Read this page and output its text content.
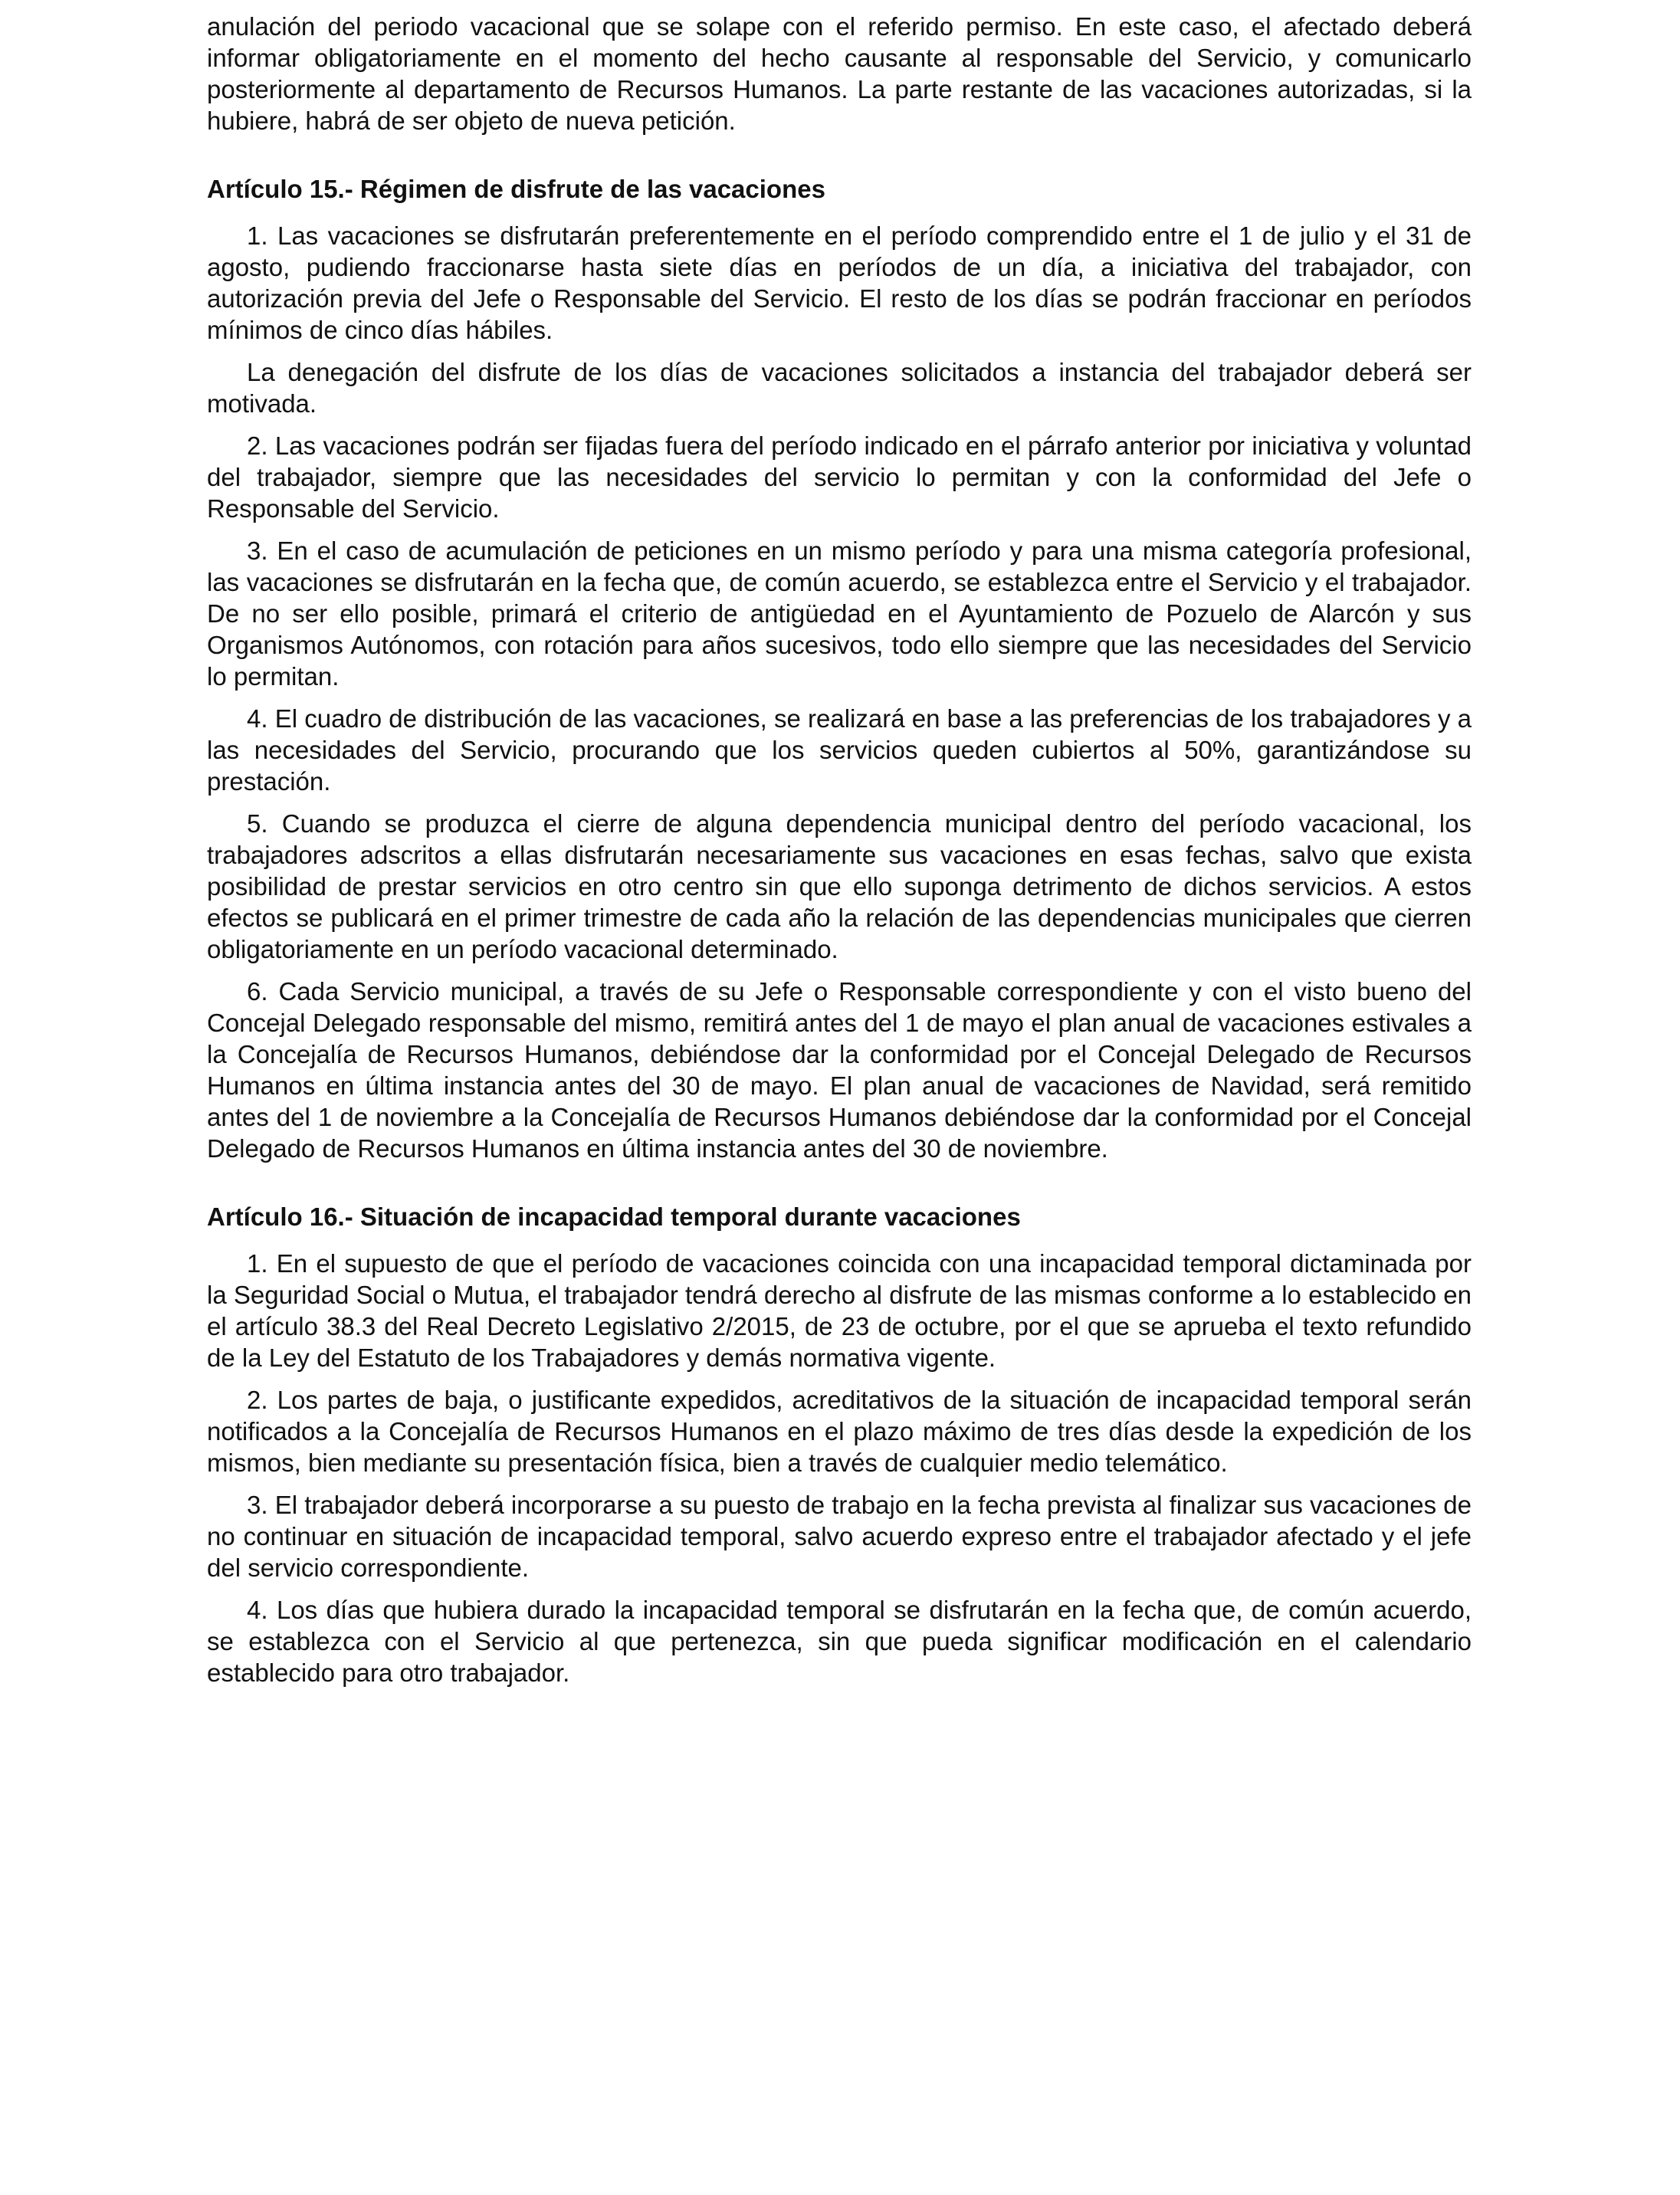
anulación del periodo vacacional que se solape con el referido permiso. En este caso, el afectado deberá informar obligatoriamente en el momento del hecho causante al responsable del Servicio, y comunicarlo posteriormente al departamento de Recursos Humanos. La parte restante de las vacaciones autorizadas, si la hubiere, habrá de ser objeto de nueva petición.

Artículo 15.- Régimen de disfrute de las vacaciones

1. Las vacaciones se disfrutarán preferentemente en el período comprendido entre el 1 de julio y el 31 de agosto, pudiendo fraccionarse hasta siete días en períodos de un día, a iniciativa del trabajador, con autorización previa del Jefe o Responsable del Servicio. El resto de los días se podrán fraccionar en períodos mínimos de cinco días hábiles.

La denegación del disfrute de los días de vacaciones solicitados a instancia del trabajador deberá ser motivada.

2. Las vacaciones podrán ser fijadas fuera del período indicado en el párrafo anterior por iniciativa y voluntad del trabajador, siempre que las necesidades del servicio lo permitan y con la conformidad del Jefe o Responsable del Servicio.

3. En el caso de acumulación de peticiones en un mismo período y para una misma categoría profesional, las vacaciones se disfrutarán en la fecha que, de común acuerdo, se establezca entre el Servicio y el trabajador. De no ser ello posible, primará el criterio de antigüedad en el Ayuntamiento de Pozuelo de Alarcón y sus Organismos Autónomos, con rotación para años sucesivos, todo ello siempre que las necesidades del Servicio lo permitan.

4. El cuadro de distribución de las vacaciones, se realizará en base a las preferencias de los trabajadores y a las necesidades del Servicio, procurando que los servicios queden cubiertos al 50%, garantizándose su prestación.

5. Cuando se produzca el cierre de alguna dependencia municipal dentro del período vacacional, los trabajadores adscritos a ellas disfrutarán necesariamente sus vacaciones en esas fechas, salvo que exista posibilidad de prestar servicios en otro centro sin que ello suponga detrimento de dichos servicios. A estos efectos se publicará en el primer trimestre de cada año la relación de las dependencias municipales que cierren obligatoriamente en un período vacacional determinado.

6. Cada Servicio municipal, a través de su Jefe o Responsable correspondiente y con el visto bueno del Concejal Delegado responsable del mismo, remitirá antes del 1 de mayo el plan anual de vacaciones estivales a la Concejalía de Recursos Humanos, debiéndose dar la conformidad por el Concejal Delegado de Recursos Humanos en última instancia antes del 30 de mayo. El plan anual de vacaciones de Navidad, será remitido antes del 1 de noviembre a la Concejalía de Recursos Humanos debiéndose dar la conformidad por el Concejal Delegado de Recursos Humanos en última instancia antes del 30 de noviembre.

Artículo 16.- Situación de incapacidad temporal durante vacaciones

1. En el supuesto de que el período de vacaciones coincida con una incapacidad temporal dictaminada por la Seguridad Social o Mutua, el trabajador tendrá derecho al disfrute de las mismas conforme a lo establecido en el artículo 38.3 del Real Decreto Legislativo 2/2015, de 23 de octubre, por el que se aprueba el texto refundido de la Ley del Estatuto de los Trabajadores y demás normativa vigente.

2. Los partes de baja, o justificante expedidos, acreditativos de la situación de incapacidad temporal serán notificados a la Concejalía de Recursos Humanos en el plazo máximo de tres días desde la expedición de los mismos, bien mediante su presentación física, bien a través de cualquier medio telemático.

3. El trabajador deberá incorporarse a su puesto de trabajo en la fecha prevista al finalizar sus vacaciones de no continuar en situación de incapacidad temporal, salvo acuerdo expreso entre el trabajador afectado y el jefe del servicio correspondiente.

4. Los días que hubiera durado la incapacidad temporal se disfrutarán en la fecha que, de común acuerdo, se establezca con el Servicio al que pertenezca, sin que pueda significar modificación en el calendario establecido para otro trabajador.
